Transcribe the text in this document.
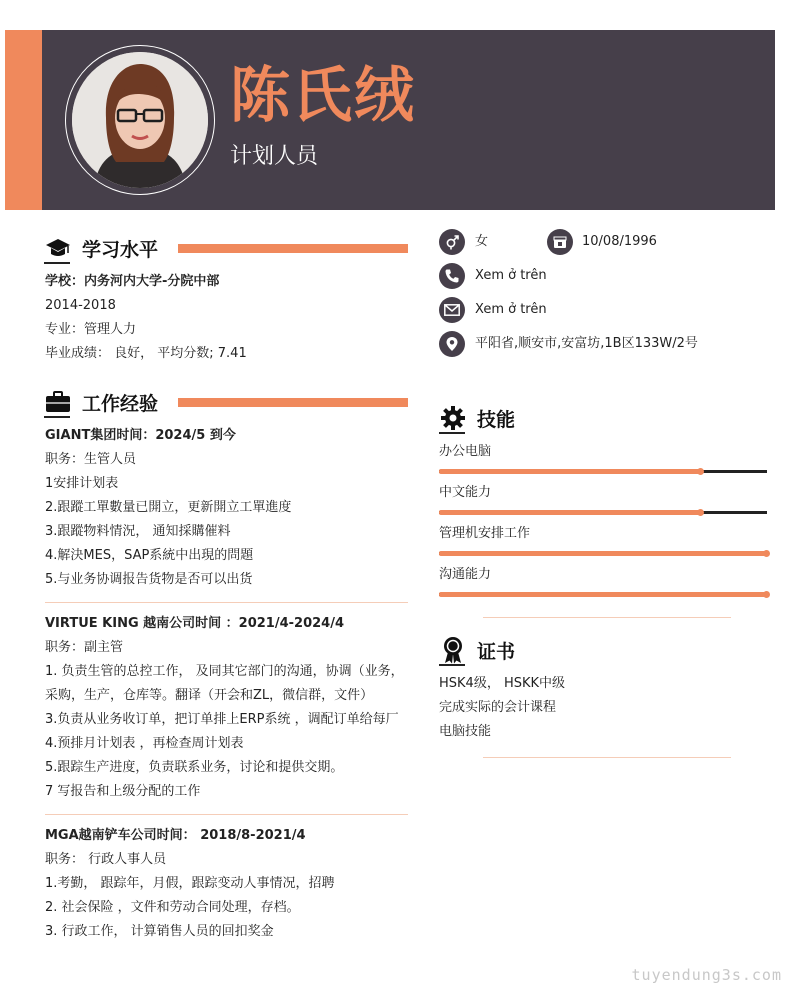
陈氏绒
计划人员
学习水平
学校：内务河内大学-分院中部
2014-2018
专业：管理人力
毕业成绩： 良好， 平均分数; 7.41
工作经验
GIANT集团时间：2024/5 到今
职务：生管人员
1安排计划表
2.跟蹤工單數量已開立，更新開立工單進度
3.跟蹤物料情況， 通知採購催料
4.解決MES，SAP系統中出現的問題
5.与业务协调报告货物是否可以出货
VIRTUE KING 越南公司时间 ：2021/4-2024/4
职务：副主管
1. 负责生管的总控工作， 及同其它部门的沟通，协调（业务，
采购，生产，仓库等。翻译（开会和ZL，微信群，文件）
3.负责从业务收订单，把订单排上ERP系统 ，调配订单给每厂
4.预排月计划表 ，再检查周计划表
5.跟踪生产进度，负责联系业务，讨论和提供交期。
7 写报告和上级分配的工作
MGA越南铲车公司时间： 2018/8-2021/4
职务： 行政人事人员
1.考勤， 跟踪年，月假，跟踪变动人事情况，招聘
2. 社会保险 ，文件和劳动合同处理，存档。
3. 行政工作， 计算销售人员的回扣奖金
女	10/08/1996
Xem ở trên
Xem ở trên
平阳省,顺安市,安富坊,1B区133W/2号
技能
办公电脑
中文能力
管理机安排工作
沟通能力
证书
HSK4级， HSKK中级
完成实际的会计课程
电脑技能
tuyendung3s.com
